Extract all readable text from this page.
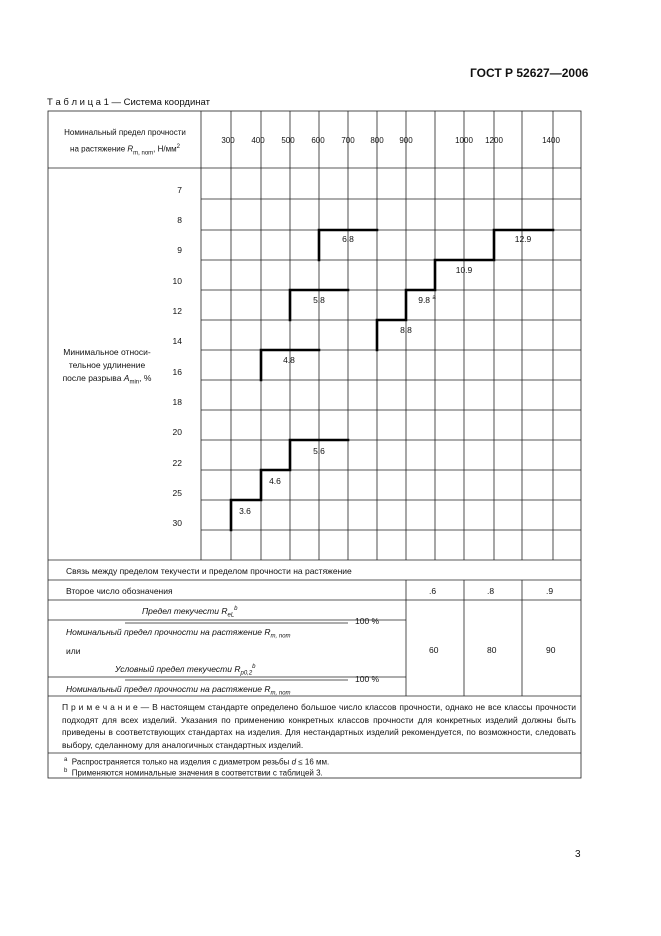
ГОСТ Р 52627—2006
Т а б л и ц а 1 — Система координат
Номинальный предел прочности
на растяжение $R_{m, nom}$, $Н/мм^2$
300	400	500	600	700	800	900	1000	1200	1400
7
8
9
10
12
14
16
18
20
22
25
30
Минимальное относи-
тельное удлинение
после разрыва $A_{min}$, %
3.6
4.6
4.8
5.6
5.8
6.8
8.8
9.8 $^a$
10.9
12.9
Связь между пределом текучести и пределом прочности на растяжение
Второе число обозначения	.6	.8	.9
Предел текучести $R_{eL}^b$
100 %
Номинальный предел прочности на растяжение $R_{m, nom}$
или
Условный предел текучести $R_{p0,2}^b$
100 %
Номинальный предел прочности на растяжение $R_{m, nom}$
60	80	90
П р и м е ч а н и е — В настоящем стандарте определено большое число классов прочности, однако не все классы прочности подходят для всех изделий. Указания по применению конкретных классов прочности для конкретных изделий должны быть приведены в соответствующих стандартах на изделия. Для нестандартных изделий рекомендуется, по возможности, следовать выбору, сделанному для аналогичных стандартных изделий.
$^a$ Распространяется только на изделия с диаметром резьбы d ≤ 16 мм.
$^b$ Применяются номинальные значения в соответствии с таблицей 3.
3
